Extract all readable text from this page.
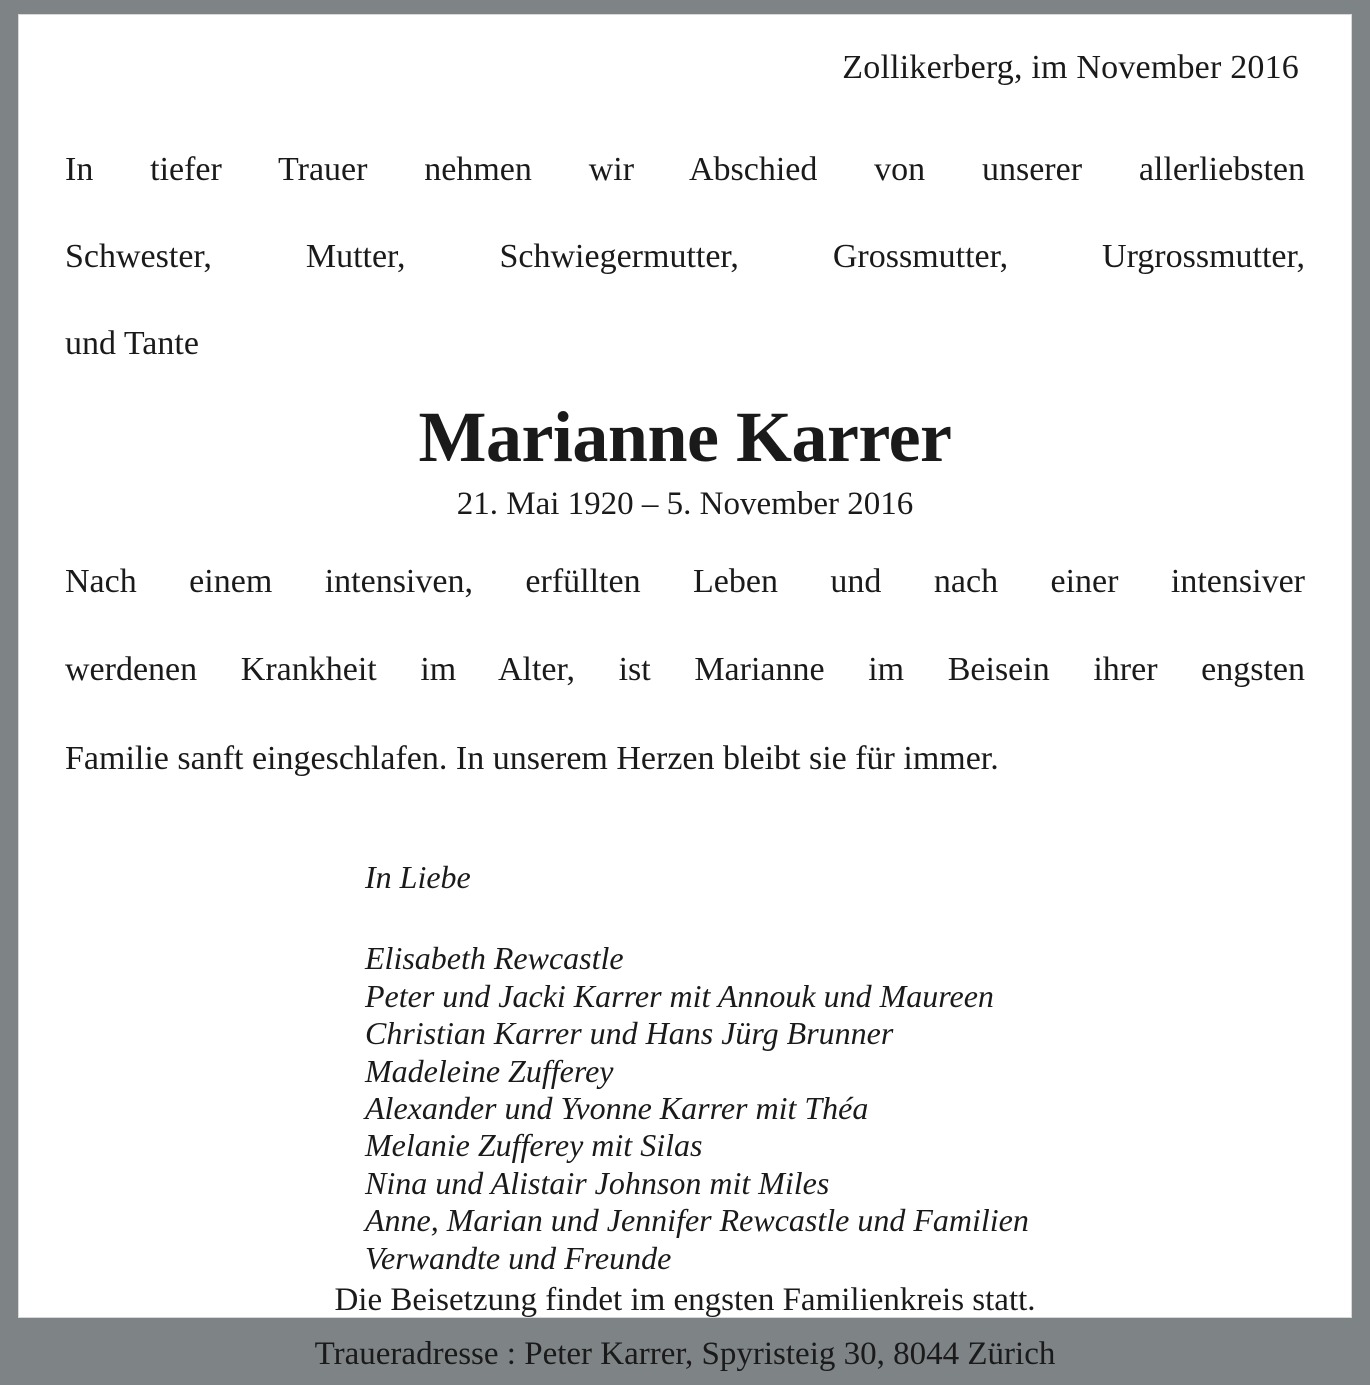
Zollikerberg, im November 2016
In tiefer Trauer nehmen wir Abschied von unserer allerliebsten
Schwester, Mutter, Schwiegermutter, Grossmutter, Urgrossmutter,
und Tante
Marianne Karrer
21. Mai 1920 – 5. November 2016
Nach einem intensiven, erfüllten Leben und nach einer intensiver
werdenen Krankheit im Alter, ist Marianne im Beisein ihrer engsten
Familie sanft eingeschlafen. In unserem Herzen bleibt sie für immer.
In Liebe
Elisabeth Rewcastle
Peter und Jacki Karrer mit Annouk und Maureen
Christian Karrer und Hans Jürg Brunner
Madeleine Zufferey
Alexander und Yvonne Karrer mit Théa
Melanie Zufferey mit Silas
Nina und Alistair Johnson mit Miles
Anne, Marian und Jennifer Rewcastle und Familien
Verwandte und Freunde
Die Beisetzung findet im engsten Familienkreis statt.
Traueradresse : Peter Karrer, Spyristeig 30, 8044 Zürich
